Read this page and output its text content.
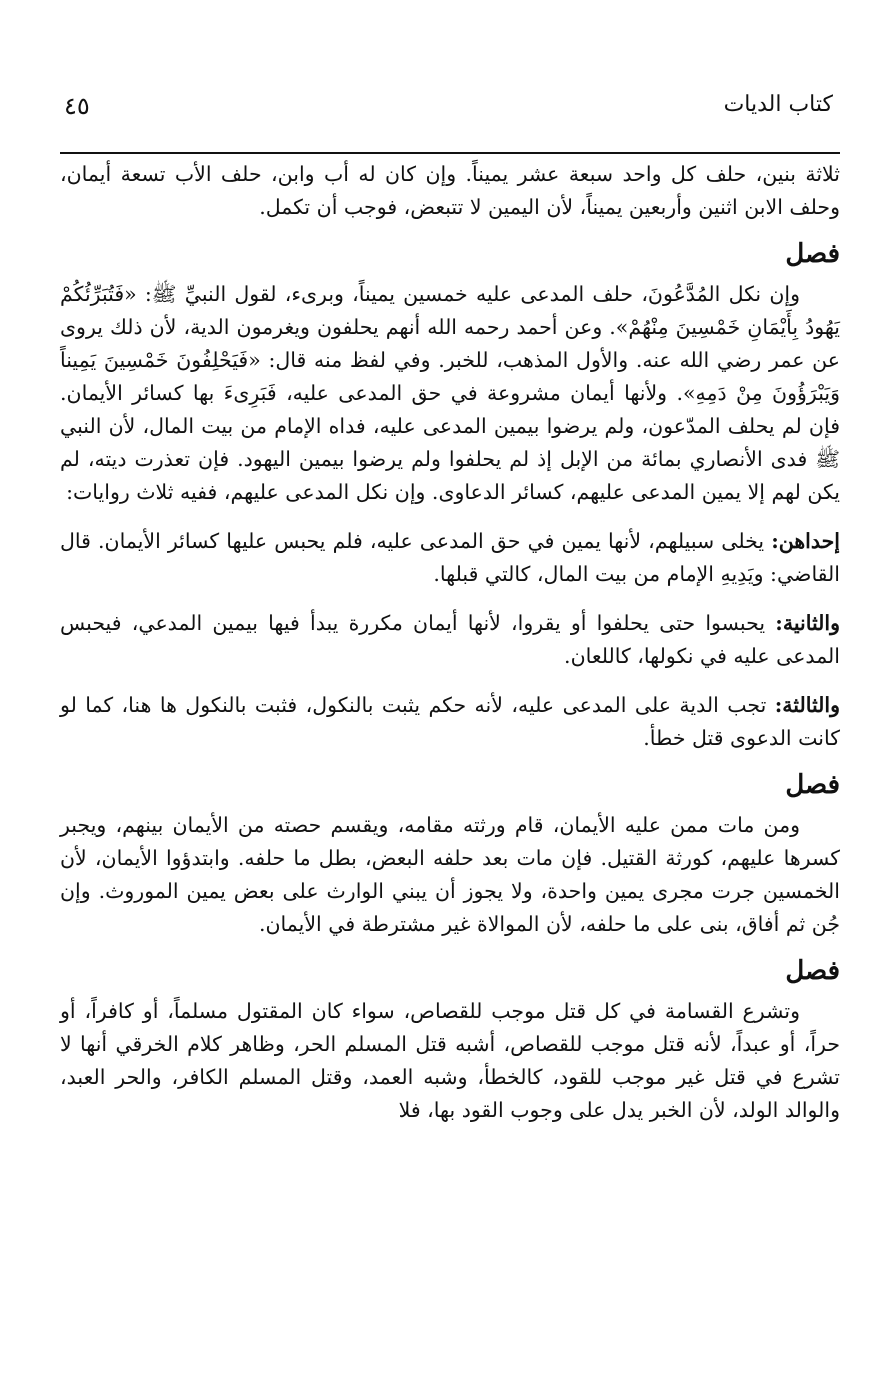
كتاب الديات
٤٥

ثلاثة بنين، حلف كل واحد سبعة عشر يميناً. وإن كان له أب وابن، حلف الأب تسعة أيمان، وحلف الابن اثنين وأربعين يميناً، لأن اليمين لا تتبعض، فوجب أن تكمل.

فصل

وإن نكل المُدَّعُونَ، حلف المدعى عليه خمسين يميناً، وبرىء، لقول النبيِّ ﷺ: «فَتُبَرِّئُكُمْ يَهُودُ بِأَيْمَانِ خَمْسِينَ مِنْهُمْ». وعن أحمد رحمه الله أنهم يحلفون ويغرمون الدية، لأن ذلك يروى عن عمر رضي الله عنه. والأول المذهب، للخبر. وفي لفظ منه قال: «فَيَحْلِفُونَ خَمْسِينَ يَمِيناً وَيَبْرَؤُونَ مِنْ دَمِهِ». ولأنها أيمان مشروعة في حق المدعى عليه، فَبَرِىءَ بها كسائر الأيمان. فإن لم يحلف المدّعون، ولم يرضوا بيمين المدعى عليه، فداه الإمام من بيت المال، لأن النبي ﷺ فدى الأنصاري بمائة من الإبل إذ لم يحلفوا ولم يرضوا بيمين اليهود. فإن تعذرت ديته، لم يكن لهم إلا يمين المدعى عليهم، كسائر الدعاوى. وإن نكل المدعى عليهم، ففيه ثلاث روايات:

إحداهن: يخلى سبيلهم، لأنها يمين في حق المدعى عليه، فلم يحبس عليها كسائر الأيمان. قال القاضي: ويَدِيهِ الإمام من بيت المال، كالتي قبلها.

والثانية: يحبسوا حتى يحلفوا أو يقروا، لأنها أيمان مكررة يبدأ فيها بيمين المدعي، فيحبس المدعى عليه في نكولها، كاللعان.

والثالثة: تجب الدية على المدعى عليه، لأنه حكم يثبت بالنكول، فثبت بالنكول ها هنا، كما لو كانت الدعوى قتل خطأ.

فصل

ومن مات ممن عليه الأيمان، قام ورثته مقامه، ويقسم حصته من الأيمان بينهم، ويجبر كسرها عليهم، كورثة القتيل. فإن مات بعد حلفه البعض، بطل ما حلفه. وابتدؤوا الأيمان، لأن الخمسين جرت مجرى يمين واحدة، ولا يجوز أن يبني الوارث على بعض يمين الموروث. وإن جُن ثم أفاق، بنى على ما حلفه، لأن الموالاة غير مشترطة في الأيمان.

فصل

وتشرع القسامة في كل قتل موجب للقصاص، سواء كان المقتول مسلماً، أو كافراً، أو حراً، أو عبداً، لأنه قتل موجب للقصاص، أشبه قتل المسلم الحر، وظاهر كلام الخرقي أنها لا تشرع في قتل غير موجب للقود، كالخطأ، وشبه العمد، وقتل المسلم الكافر، والحر العبد، والوالد الولد، لأن الخبر يدل على وجوب القود بها، فلا
